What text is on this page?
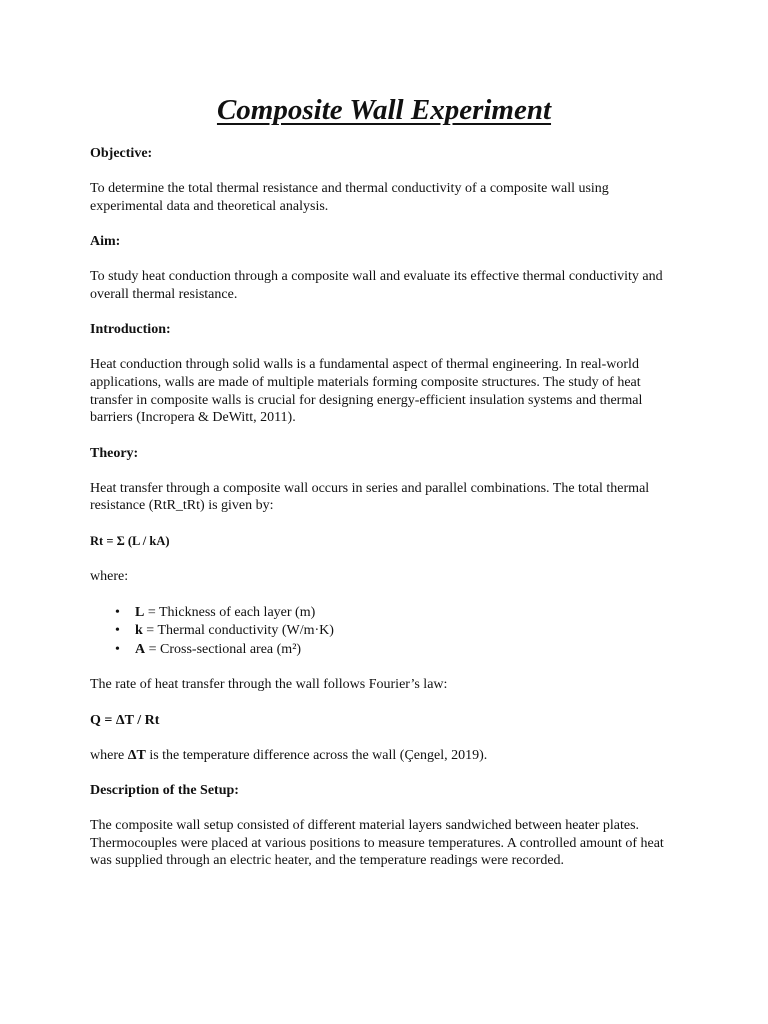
Composite Wall Experiment

Objective:

To determine the total thermal resistance and thermal conductivity of a composite wall using experimental data and theoretical analysis.

Aim:

To study heat conduction through a composite wall and evaluate its effective thermal conductivity and overall thermal resistance.

Introduction:

Heat conduction through solid walls is a fundamental aspect of thermal engineering. In real-world applications, walls are made of multiple materials forming composite structures. The study of heat transfer in composite walls is crucial for designing energy-efficient insulation systems and thermal barriers (Incropera & DeWitt, 2011).

Theory:

Heat transfer through a composite wall occurs in series and parallel combinations. The total thermal resistance (RtR_tRt) is given by:

Rt = Σ (L / kA)

where:

• L = Thickness of each layer (m)
• k = Thermal conductivity (W/m·K)
• A = Cross-sectional area (m²)

The rate of heat transfer through the wall follows Fourier’s law:

Q = ΔT / Rt

where ΔT is the temperature difference across the wall (Çengel, 2019).

Description of the Setup:

The composite wall setup consisted of different material layers sandwiched between heater plates. Thermocouples were placed at various positions to measure temperatures. A controlled amount of heat was supplied through an electric heater, and the temperature readings were recorded.
